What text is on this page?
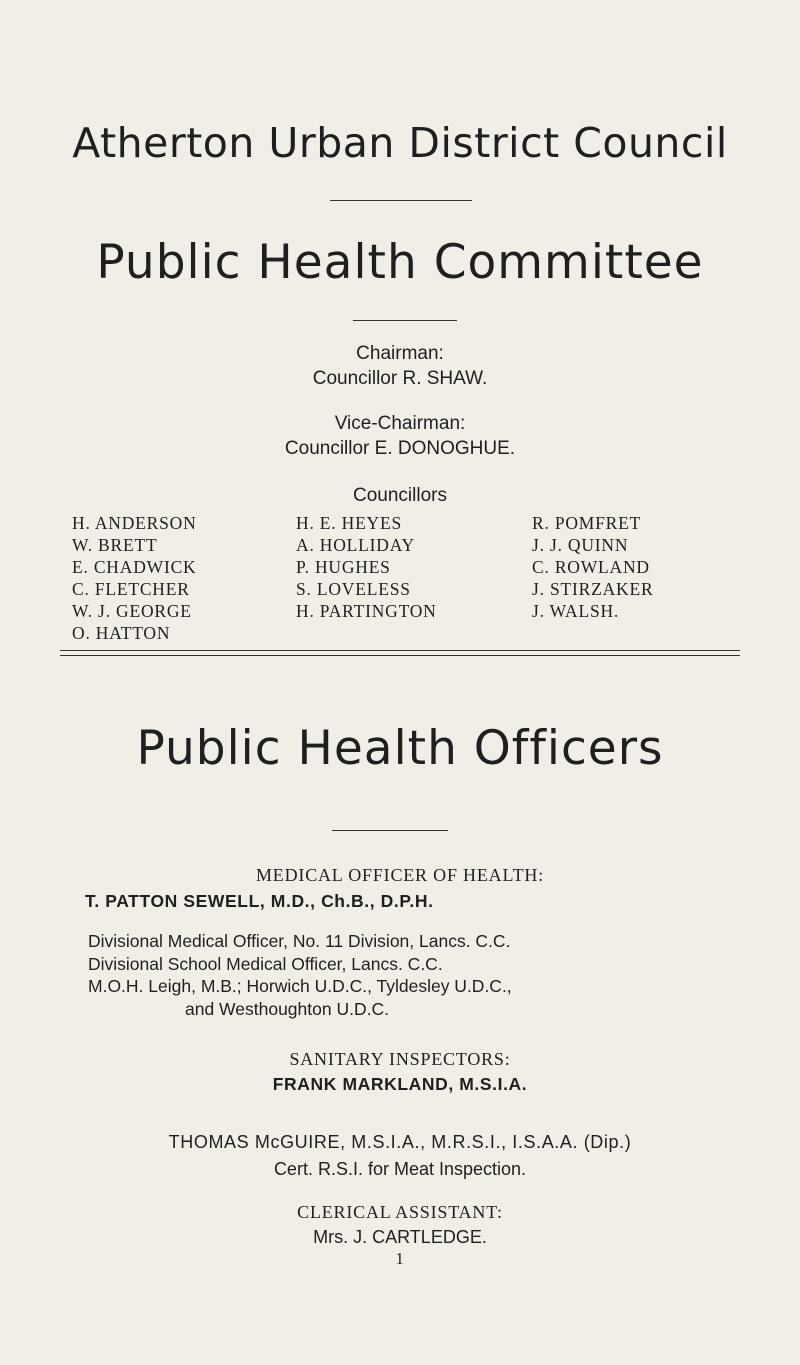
Atherton Urban District Council
Public Health Committee
Chairman:
Councillor R. SHAW.
Vice-Chairman:
Councillor E. DONOGHUE.
Councillors
H. ANDERSON
W. BRETT
E. CHADWICK
C. FLETCHER
W. J. GEORGE
O. HATTON
H. E. HEYES
A. HOLLIDAY
P. HUGHES
S. LOVELESS
H. PARTINGTON
R. POMFRET
J. J. QUINN
C. ROWLAND
J. STIRZAKER
J. WALSH.
Public Health Officers
MEDICAL OFFICER OF HEALTH:
T. PATTON SEWELL, M.D., Ch.B., D.P.H.
Divisional Medical Officer, No. 11 Division, Lancs. C.C.
Divisional School Medical Officer, Lancs. C.C.
M.O.H. Leigh, M.B.; Horwich U.D.C., Tyldesley U.D.C.,
and Westhoughton U.D.C.
SANITARY INSPECTORS:
FRANK MARKLAND, M.S.I.A.
THOMAS McGUIRE, M.S.I.A., M.R.S.I., I.S.A.A. (Dip.)
Cert. R.S.I. for Meat Inspection.
CLERICAL ASSISTANT:
Mrs. J. CARTLEDGE.
1
